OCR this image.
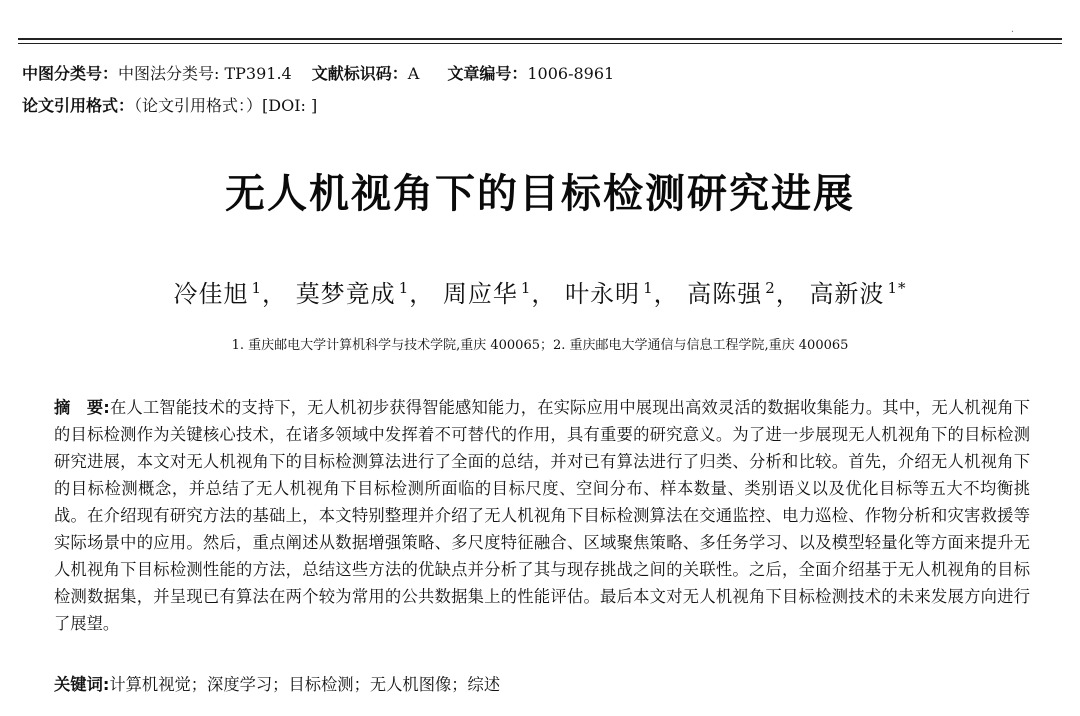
.
中图分类号：中图法分类号: TP391.4 文献标识码：A 文章编号：1006-8961
论文引用格式：（论文引用格式：）[DOI: ]
无人机视角下的目标检测研究进展
冷佳旭 $^1$， 莫梦竟成 $^1$， 周应华 $^1$， 叶永明 $^1$， 高陈强 $^2$， 高新波 $^{1*}$
1. 重庆邮电大学计算机科学与技术学院,重庆 400065；2. 重庆邮电大学通信与信息工程学院,重庆 400065
摘　要:在人工智能技术的支持下，无人机初步获得智能感知能力，在实际应用中展现出高效灵活的数据收集能力。其中，无人机视角下的目标检测作为关键核心技术，在诸多领域中发挥着不可替代的作用，具有重要的研究意义。为了进一步展现无人机视角下的目标检测研究进展，本文对无人机视角下的目标检测算法进行了全面的总结，并对已有算法进行了归类、分析和比较。首先，介绍无人机视角下的目标检测概念，并总结了无人机视角下目标检测所面临的目标尺度、空间分布、样本数量、类别语义以及优化目标等五大不均衡挑战。在介绍现有研究方法的基础上，本文特别整理并介绍了无人机视角下目标检测算法在交通监控、电力巡检、作物分析和灾害救援等实际场景中的应用。然后，重点阐述从数据增强策略、多尺度特征融合、区域聚焦策略、多任务学习、以及模型轻量化等方面来提升无人机视角下目标检测性能的方法，总结这些方法的优缺点并分析了其与现存挑战之间的关联性。之后，全面介绍基于无人机视角的目标检测数据集，并呈现已有算法在两个较为常用的公共数据集上的性能评估。最后本文对无人机视角下目标检测技术的未来发展方向进行了展望。
关键词:计算机视觉；深度学习；目标检测；无人机图像；综述
